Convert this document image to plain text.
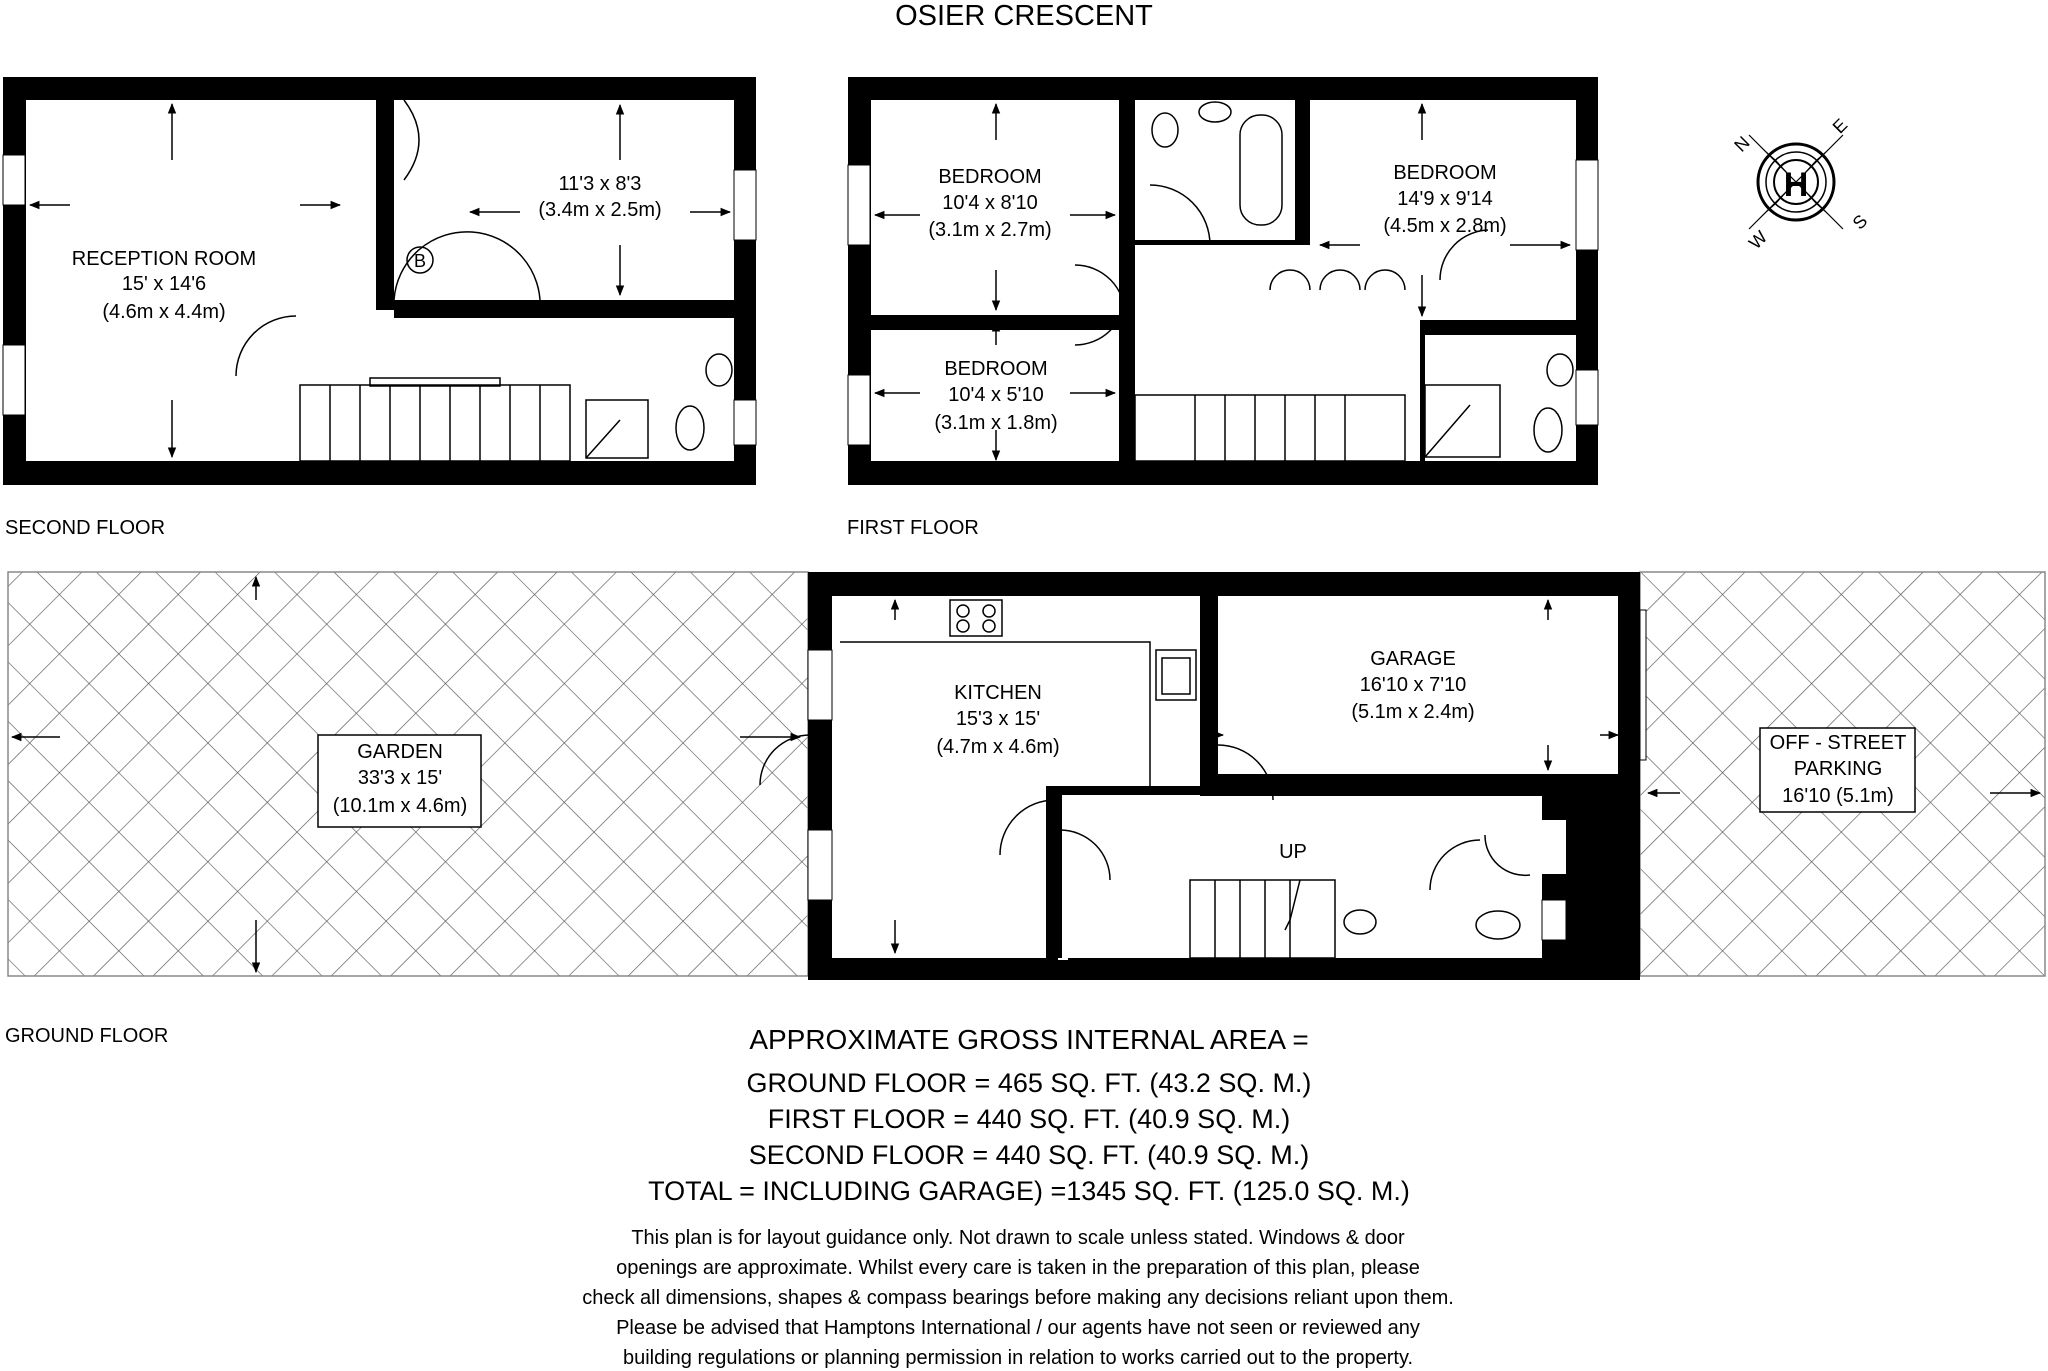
OSIER CRESCENT
B
RECEPTION ROOM
15' x 14'6
(4.6m x 4.4m)
11'3 x 8'3
(3.4m x 2.5m)
SECOND FLOOR
BEDROOM
10'4 x 8'10
(3.1m x 2.7m)
BEDROOM
14'9 x 9'14
(4.5m x 2.8m)
BEDROOM
10'4 x 5'10
(3.1m x 1.8m)
FIRST FLOOR
H
N
E
S
W
GARDEN
33'3 x 15'
(10.1m x 4.6m)
KITCHEN
15'3 x 15'
(4.7m x 4.6m)
GARAGE
16'10 x 7'10
(5.1m x 2.4m)
OFF - STREET
PARKING
16'10 (5.1m)
UP	IN
GROUND FLOOR	APPROXIMATE GROSS INTERNAL AREA =
GROUND FLOOR = 465 SQ. FT. (43.2 SQ. M.)
FIRST FLOOR = 440 SQ. FT. (40.9 SQ. M.)
SECOND FLOOR = 440 SQ. FT. (40.9 SQ. M.)
TOTAL = INCLUDING GARAGE) =1345 SQ. FT. (125.0 SQ. M.)
This plan is for layout guidance only. Not drawn to scale unless stated. Windows & door
openings are approximate. Whilst every care is taken in the preparation of this plan, please
check all dimensions, shapes & compass bearings before making any decisions reliant upon them.
Please be advised that Hamptons International / our agents have not seen or reviewed any
building regulations or planning permission in relation to works carried out to the property.
